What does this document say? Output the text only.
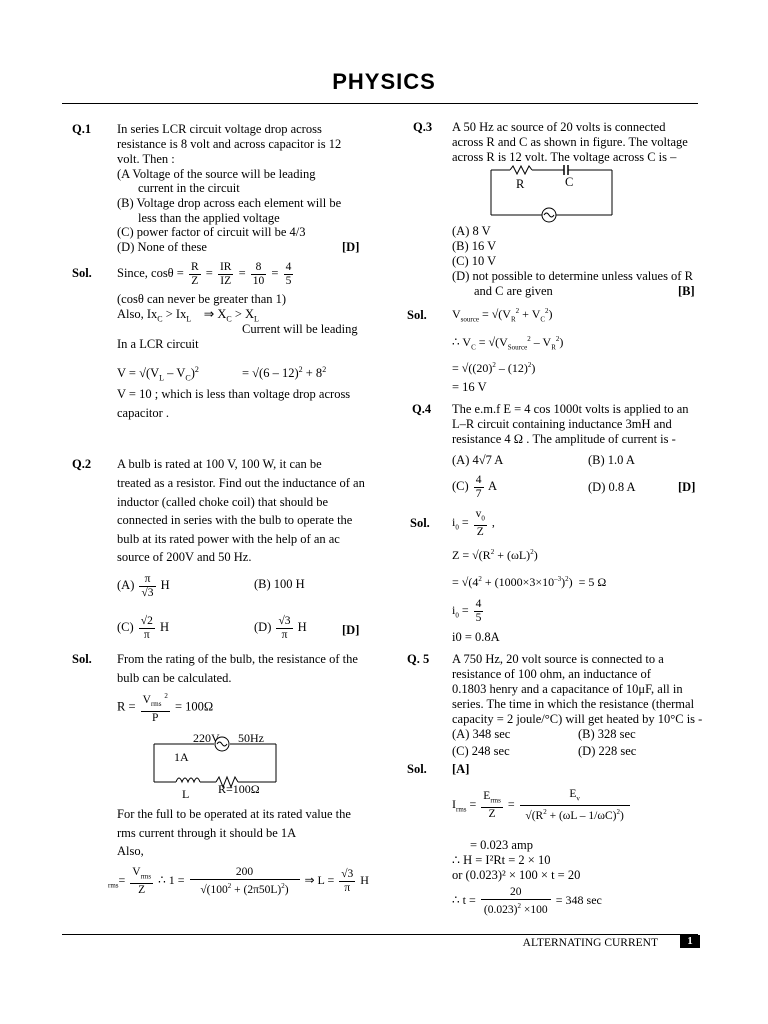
PHYSICS
Q.1 In series LCR circuit voltage drop across
resistance is 8 volt and across capacitor is 12
volt. Then :
(A Voltage of the source will be leading
current in the circuit
(B) Voltage drop across each element will be
less than the applied voltage
(C) power factor of circuit will be 4/3
(D) None of these	[D]
Sol. Since, $\cos\theta = \frac{R}{Z} = \frac{IR}{IZ} = \frac{8}{10} = \frac{4}{5}$
(cosθ can never be greater than 1)
Also, $Ix_C > Ix_L$ ⇒ $X_C > X_L$
Current will be leading
In a LCR circuit
$V = √(V_L - V_C)^2$	= $√(6 - 12)^2 + 8^2$
V = 10 ; which is less than voltage drop across
capacitor .
Q.2 A bulb is rated at 100 V, 100 W, it can be
treated as a resistor. Find out the inductance of an
inductor (called choke coil) that should be
connected in series with the bulb to operate the
bulb at its rated power with the help of an ac
source of 200V and 50 Hz.
$(A) \frac{\pi}{√3}$ H	(B) 100 H
$(C) \frac{√2}{\pi}$ H	$(D) \frac{√3}{\pi}$ H	[D]
Sol. From the rating of the bulb, the resistance of the
bulb can be calculated.
$R = \frac{V_{rms} ^2}{P} = 100\Omega$
220V 50Hz
1A
L R=100Ω
For the full to be operated at its rated value the
rms current through it should be 1A
Also,
$_{rms}= \frac{V_{rms}}{Z}$ ∴ $1 = \frac{200}{√(100^2 + (2\pi 50L)^2)}$ ⇒ $L = \frac{√3}{\pi}$ H
Q.3 A 50 Hz ac source of 20 volts is connected
across R and C as shown in figure. The voltage
across R is 12 volt. The voltage across C is –
R	C
(A) 8 V
(B) 16 V
(C) 10 V
(D) not possible to determine unless values of R
and C are given	[B]
Sol. $V_{source} = √(V_R^2 + V_C^2)$
∴ $V_C = √(V_{Source}^2 - V_R^2)$
= $√((20)^2 - (12)^2)$
= 16 V
Q.4 The e.m.f E = 4 cos 1000t volts is applied to an
L–R circuit containing inductance 3mH and
resistance 4 Ω . The amplitude of current is -
(A) 4√7 A	(B) 1.0 A
$(C) \frac{4}{7}$ A	(D) 0.8 A	[D]
Sol. $i_0 = \frac{v_0}{Z}$ ,
$Z = √(R^2 + (\omega L)^2)$
= $√(4^2 + (1000\times 3\times 10^{-3})^2) = 5$ Ω
$i_0 = \frac{4}{5}$
i0 = 0.8A
Q. 5 A 750 Hz, 20 volt source is connected to a
resistance of 100 ohm, an inductance of
0.1803 henry and a capacitance of 10μF, all in
series. The time in which the resistance (thermal
capacity = 2 joule/°C) will get heated by 10°C is -
(A) 348 sec	(B) 328 sec
(C) 248 sec	(D) 228 sec
Sol. [A]
$I_{rms} = \frac{E_{rms}}{Z} = \frac{E_v}{√(R^2 + (\omega L - 1/\omega C)^2)}$
= 0.023 amp
∴ H = I²Rt = 2 × 10
or (0.023)² × 100 × t = 20
∴ $t = \frac{20}{(0.023)^2 \times 100} = 348$ sec
ALTERNATING CURRENT	1
